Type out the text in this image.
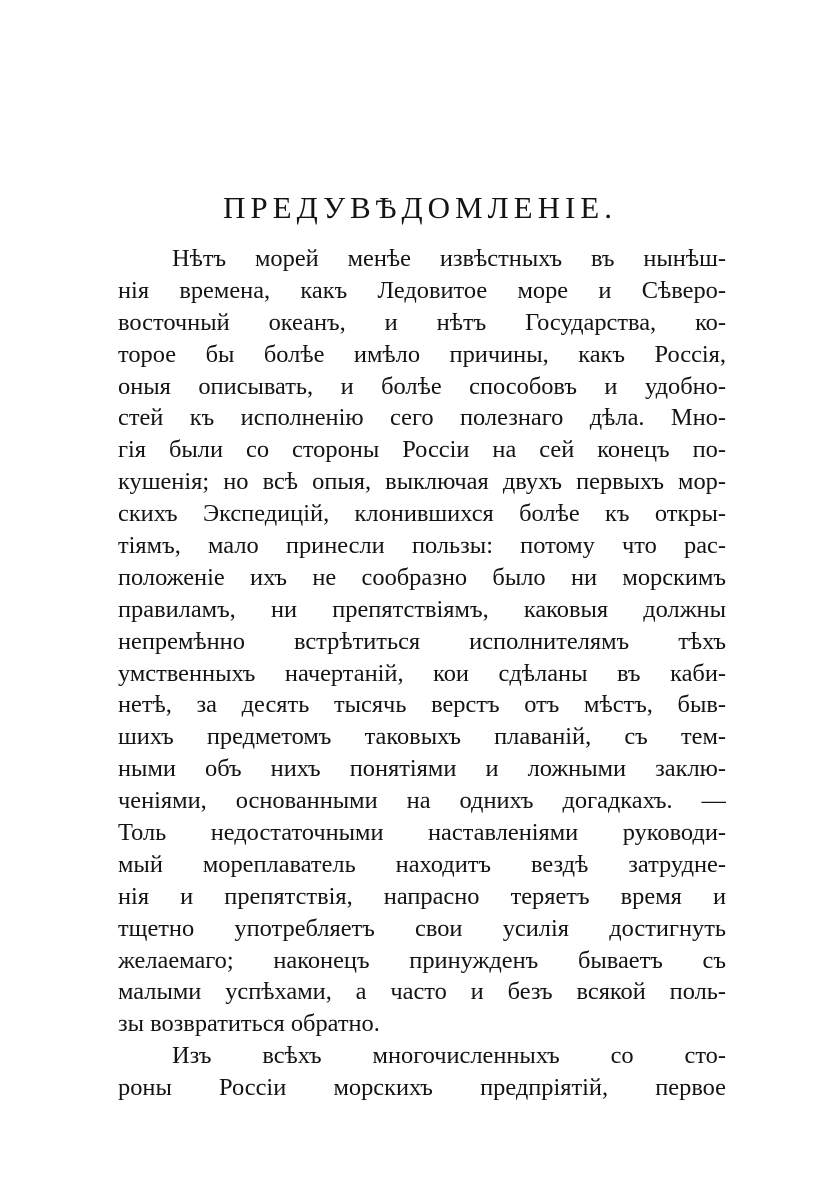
ПРЕДУВѢДОМЛЕНІЕ.
Нѣтъ морей менѣе извѣстныхъ въ нынѣш-
нія времена, какъ Ледовитое море и Сѣверо-
восточный океанъ, и нѣтъ Государства, ко-
торое бы болѣе имѣло причины, какъ Россія,
оныя описывать, и болѣе способовъ и удобно-
стей къ исполненію сего полезнаго дѣла. Мно-
гія были со стороны Россіи на сей конецъ по-
кушенія; но всѣ опыя, выключая двухъ первыхъ мор-
скихъ Экспедицій, клонившихся болѣе къ откры-
тіямъ, мало принесли пользы: потому что рас-
положеніе ихъ не сообразно было ни морскимъ
правиламъ, ни препятствіямъ, каковыя должны
непремѣнно встрѣтиться исполнителямъ тѣхъ
умственныхъ начертаній, кои сдѣланы въ каби-
нетѣ, за десять тысячь верстъ отъ мѣстъ, быв-
шихъ предметомъ таковыхъ плаваній, съ тем-
ными объ нихъ понятіями и ложными заклю-
ченіями, основанными на однихъ догадкахъ. —
Толь недостаточными наставленіями руководи-
мый мореплаватель находитъ вездѣ затрудне-
нія и препятствія, напрасно теряетъ время и
тщетно употребляетъ свои усилія достигнуть
желаемаго; наконецъ принужденъ бываетъ съ
малыми успѣхами, а часто и безъ всякой поль-
зы возвратиться обратно.
Изъ всѣхъ многочисленныхъ со сто-
роны Россіи морскихъ предпріятій, первое
